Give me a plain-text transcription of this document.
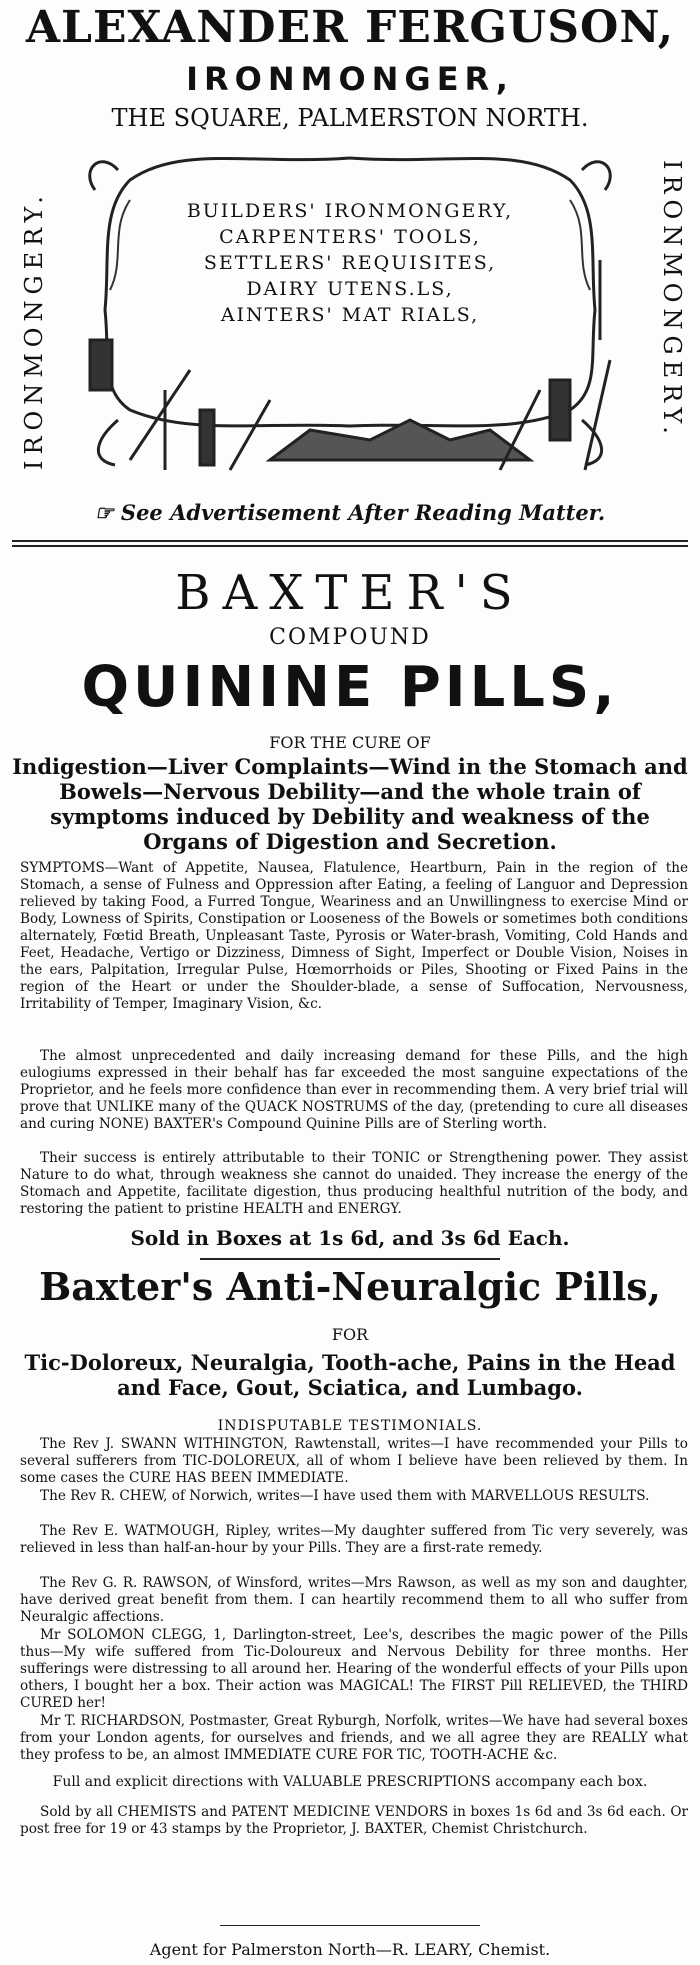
ALEXANDER FERGUSON,
IRONMONGER,
THE SQUARE, PALMERSTON NORTH.
IRONMONGERY.	IRONMONGERY.
BUILDERS' IRONMONGERY,
CARPENTERS' TOOLS,
SETTLERS' REQUISITES,
DAIRY UTENS.LS,
AINTERS' MAT RIALS,
☞ See Advertisement After Reading Matter.
BAXTER'S
COMPOUND
QUININE PILLS,
FOR THE CURE OF
Indigestion—Liver Complaints—Wind in the Stomach and Bowels—Nervous Debility—and the whole train of symptoms induced by Debility and weakness of the Organs of Digestion and Secretion.
SYMPTOMS—Want of Appetite, Nausea, Flatulence, Heartburn, Pain in the region of the Stomach, a sense of Fulness and Oppression after Eating, a feeling of Languor and Depression relieved by taking Food, a Furred Tongue, Weariness and an Unwillingness to exercise Mind or Body, Lowness of Spirits, Constipation or Looseness of the Bowels or sometimes both conditions alternately, Fœtid Breath, Unpleasant Taste, Pyrosis or Water-brash, Vomiting, Cold Hands and Feet, Headache, Vertigo or Dizziness, Dimness of Sight, Imperfect or Double Vision, Noises in the ears, Palpitation, Irregular Pulse, Hœmorrhoids or Piles, Shooting or Fixed Pains in the region of the Heart or under the Shoulder-blade, a sense of Suffocation, Nervousness, Irritability of Temper, Imaginary Vision, &c.
The almost unprecedented and daily increasing demand for these Pills, and the high eulogiums expressed in their behalf has far exceeded the most sanguine expectations of the Proprietor, and he feels more confidence than ever in recommending them. A very brief trial will prove that UNLIKE many of the QUACK NOSTRUMS of the day, (pretending to cure all diseases and curing NONE) BAXTER's Compound Quinine Pills are of Sterling worth.
Their success is entirely attributable to their TONIC or Strengthening power. They assist Nature to do what, through weakness she cannot do unaided. They increase the energy of the Stomach and Appetite, facilitate digestion, thus producing healthful nutrition of the body, and restoring the patient to pristine HEALTH and ENERGY.
Sold in Boxes at 1s 6d, and 3s 6d Each.
Baxter's Anti-Neuralgic Pills,
FOR
Tic-Doloreux, Neuralgia, Tooth-ache, Pains in the Head and Face, Gout, Sciatica, and Lumbago.
INDISPUTABLE TESTIMONIALS.
The Rev J. SWANN WITHINGTON, Rawtenstall, writes—I have recommended your Pills to several sufferers from TIC-DOLOREUX, all of whom I believe have been relieved by them. In some cases the CURE HAS BEEN IMMEDIATE.
The Rev R. CHEW, of Norwich, writes—I have used them with MARVELLOUS RESULTS.
The Rev E. WATMOUGH, Ripley, writes—My daughter suffered from Tic very severely, was relieved in less than half-an-hour by your Pills. They are a first-rate remedy.
The Rev G. R. RAWSON, of Winsford, writes—Mrs Rawson, as well as my son and daughter, have derived great benefit from them. I can heartily recommend them to all who suffer from Neuralgic affections.
Mr SOLOMON CLEGG, 1, Darlington-street, Lee's, describes the magic power of the Pills thus—My wife suffered from Tic-Doloureux and Nervous Debility for three months. Her sufferings were distressing to all around her. Hearing of the wonderful effects of your Pills upon others, I bought her a box. Their action was MAGICAL! The FIRST Pill RELIEVED, the THIRD CURED her!
Mr T. RICHARDSON, Postmaster, Great Ryburgh, Norfolk, writes—We have had several boxes from your London agents, for ourselves and friends, and we all agree they are REALLY what they profess to be, an almost IMMEDIATE CURE FOR TIC, TOOTH-ACHE &c.
Full and explicit directions with VALUABLE PRESCRIPTIONS accompany each box.
Sold by all CHEMISTS and PATENT MEDICINE VENDORS in boxes 1s 6d and 3s 6d each. Or post free for 19 or 43 stamps by the Proprietor, J. BAXTER, Chemist Christchurch.
Agent for Palmerston North—R. LEARY, Chemist.
